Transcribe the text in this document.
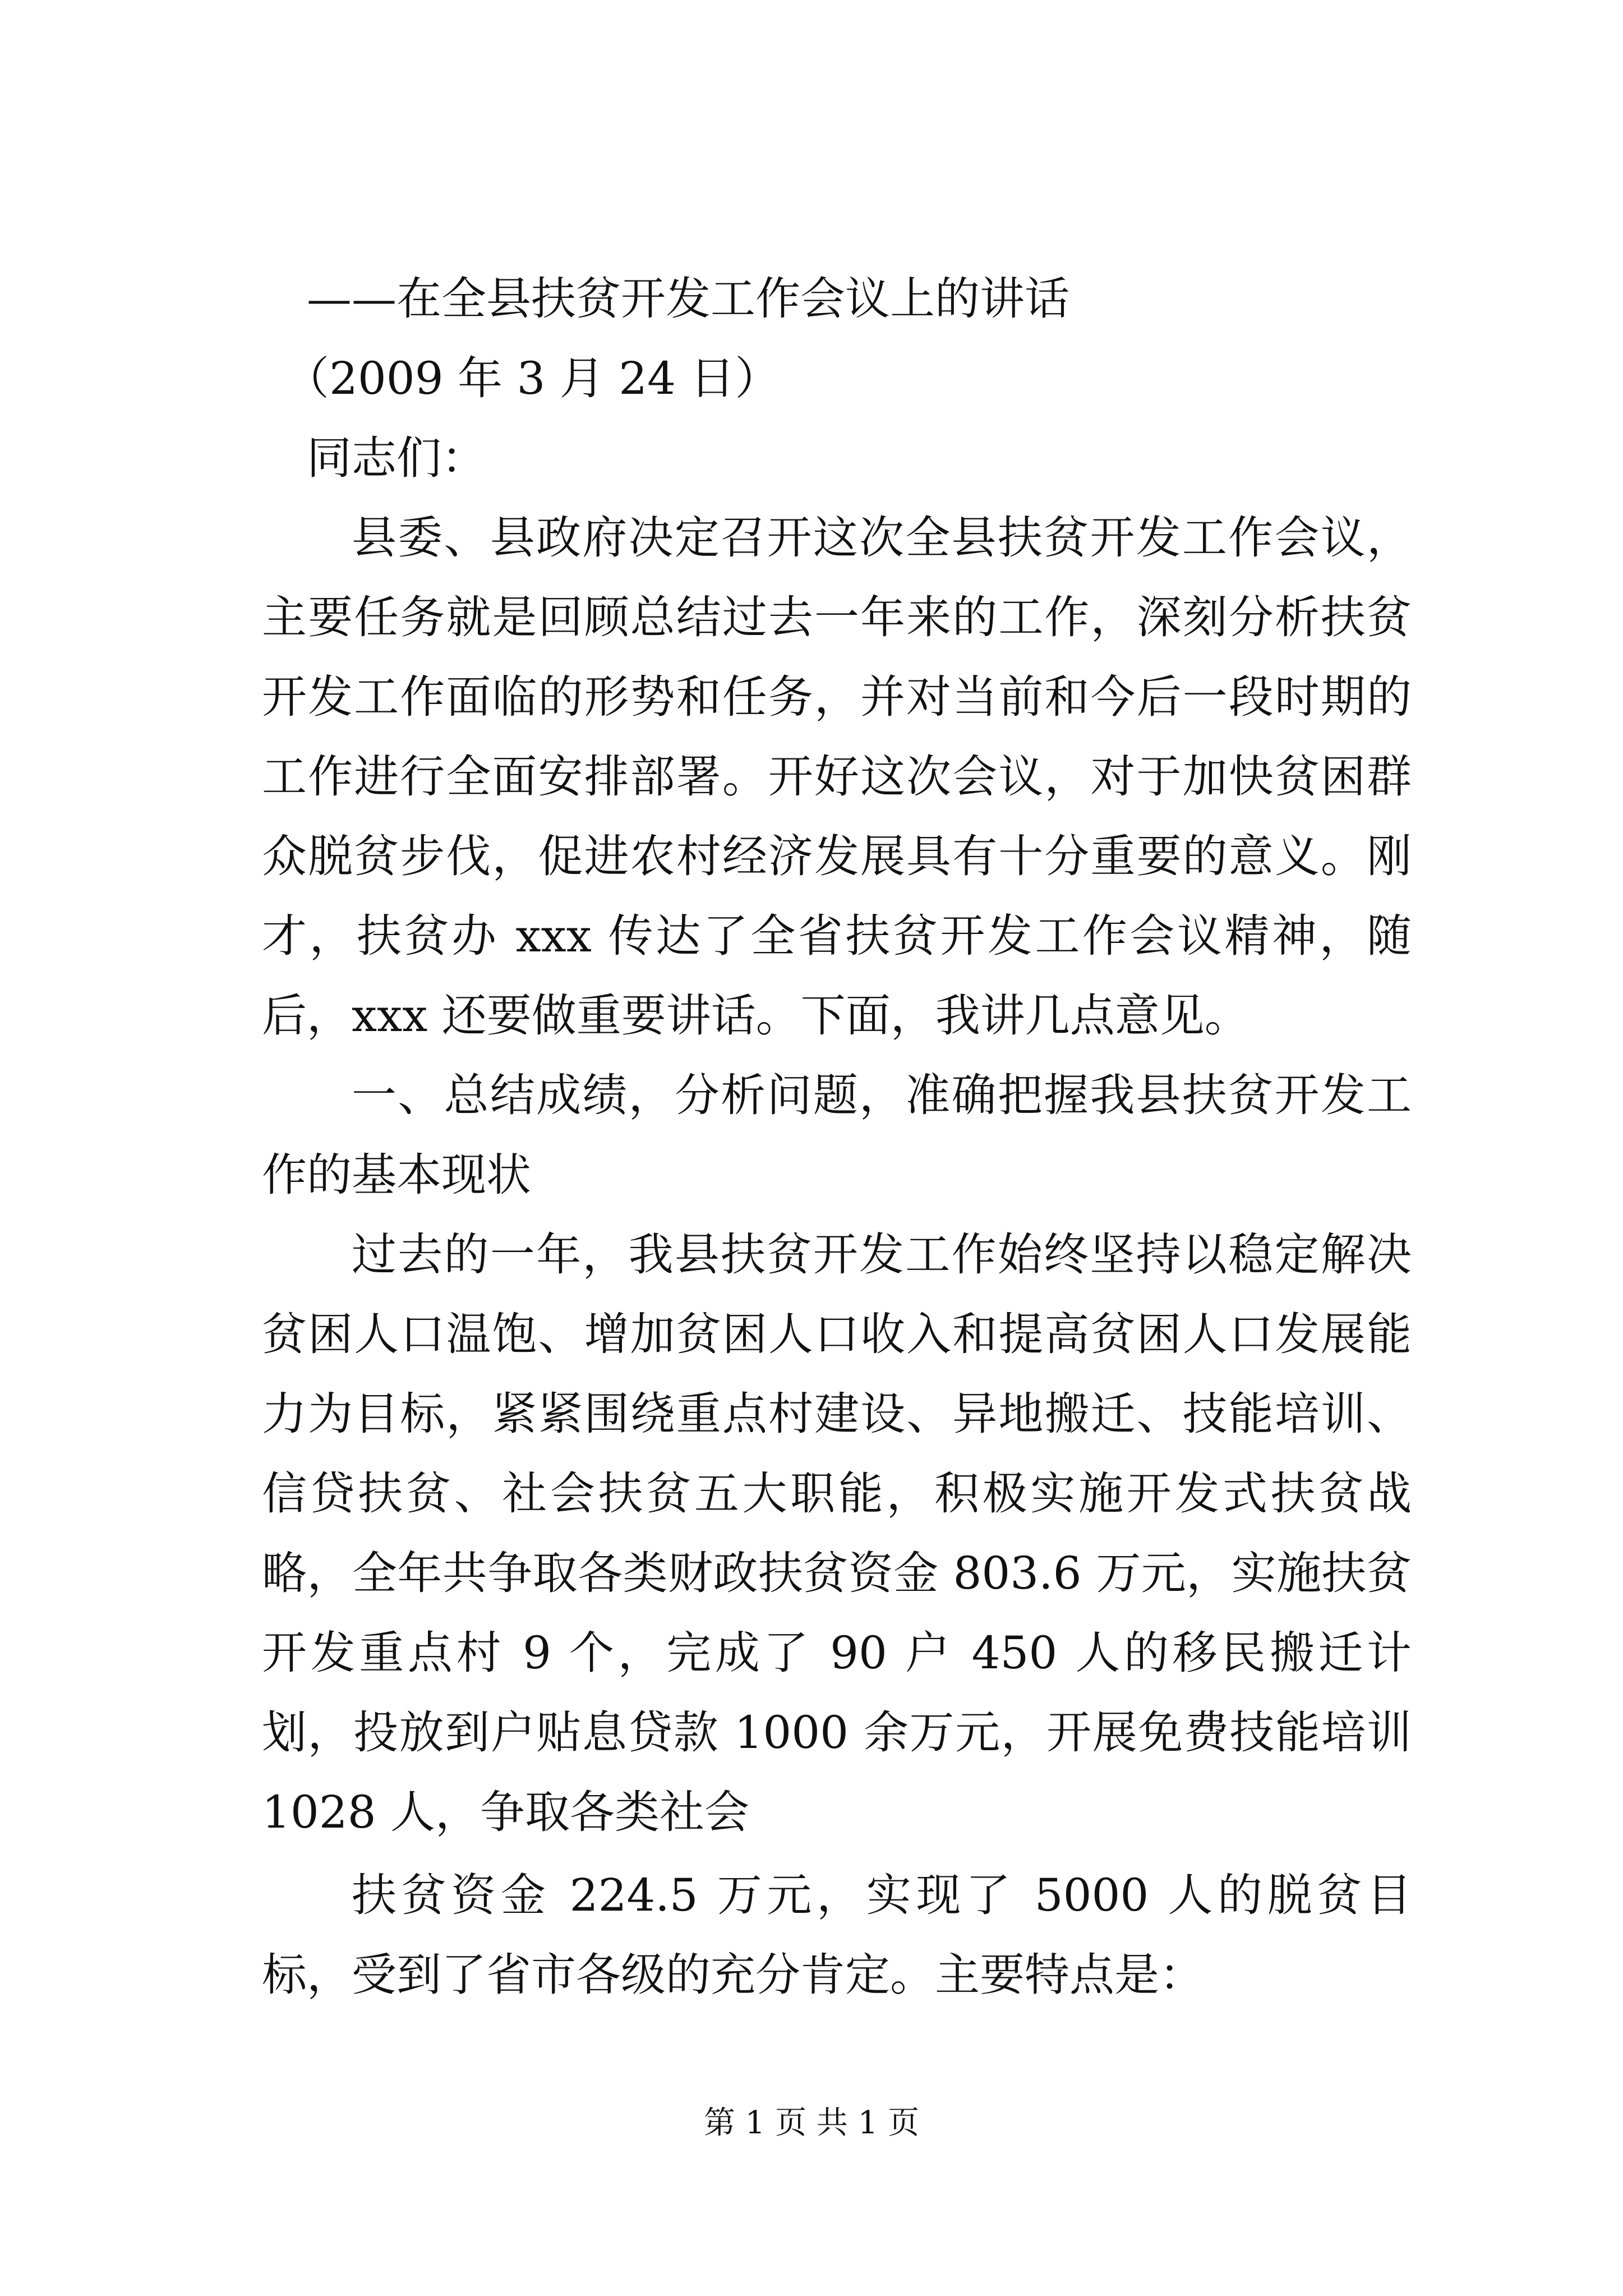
——在全县扶贫开发工作会议上的讲话
（2009 年 3 月 24 日）
同志们：

县委、县政府决定召开这次全县扶贫开发工作会议，主要任务就是回顾总结过去一年来的工作，深刻分析扶贫开发工作面临的形势和任务，并对当前和今后一段时期的工作进行全面安排部署。开好这次会议，对于加快贫困群众脱贫步伐，促进农村经济发展具有十分重要的意义。刚才，扶贫办 xxx 传达了全省扶贫开发工作会议精神，随后，xxx 还要做重要讲话。下面，我讲几点意见。

一、总结成绩，分析问题，准确把握我县扶贫开发工作的基本现状

过去的一年，我县扶贫开发工作始终坚持以稳定解决贫困人口温饱、增加贫困人口收入和提高贫困人口发展能力为目标，紧紧围绕重点村建设、异地搬迁、技能培训、信贷扶贫、社会扶贫五大职能，积极实施开发式扶贫战略，全年共争取各类财政扶贫资金 803.6 万元，实施扶贫开发重点村 9 个，完成了 90 户 450 人的移民搬迁计划，投放到户贴息贷款 1000 余万元，开展免费技能培训 1028 人，争取各类社会

扶贫资金 224.5 万元，实现了 5000 人的脱贫目标，受到了省市各级的充分肯定。主要特点是：

第 1 页 共 1 页
